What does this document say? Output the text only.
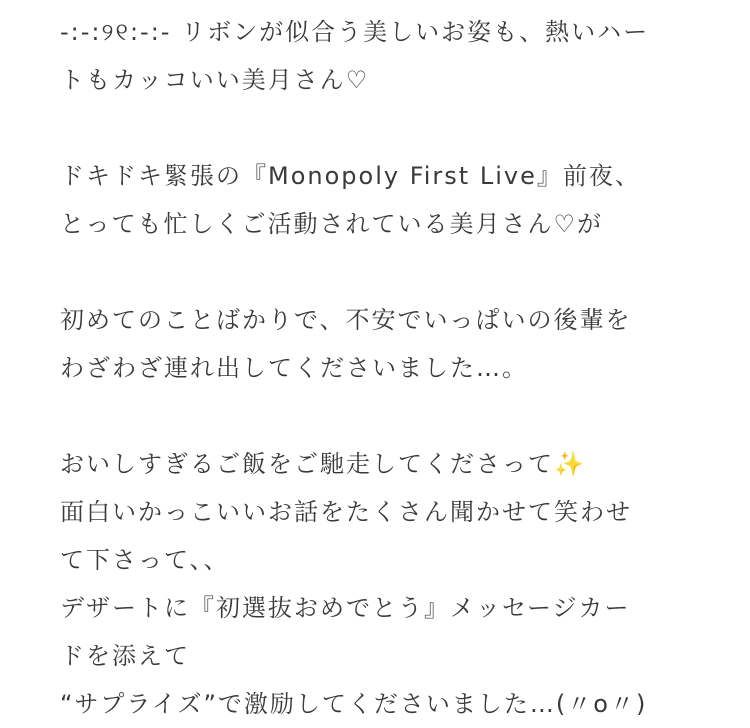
-:-:୨୧:-:- リボンが似合う美しいお姿も、熱いハー
トもカッコいい美月さん♡
ドキドキ緊張の『Monopoly First Live』前夜、
とっても忙しくご活動されている美月さん♡が
初めてのことばかりで、不安でいっぱいの後輩を
わざわざ連れ出してくださいました…。
おいしすぎるご飯をご馳走してくださって✨
面白いかっこいいお話をたくさん聞かせて笑わせ
て下さって、、
デザートに『初選抜おめでとう』メッセージカー
ドを添えて
“サプライズ”で激励してくださいました…(〃o〃)
